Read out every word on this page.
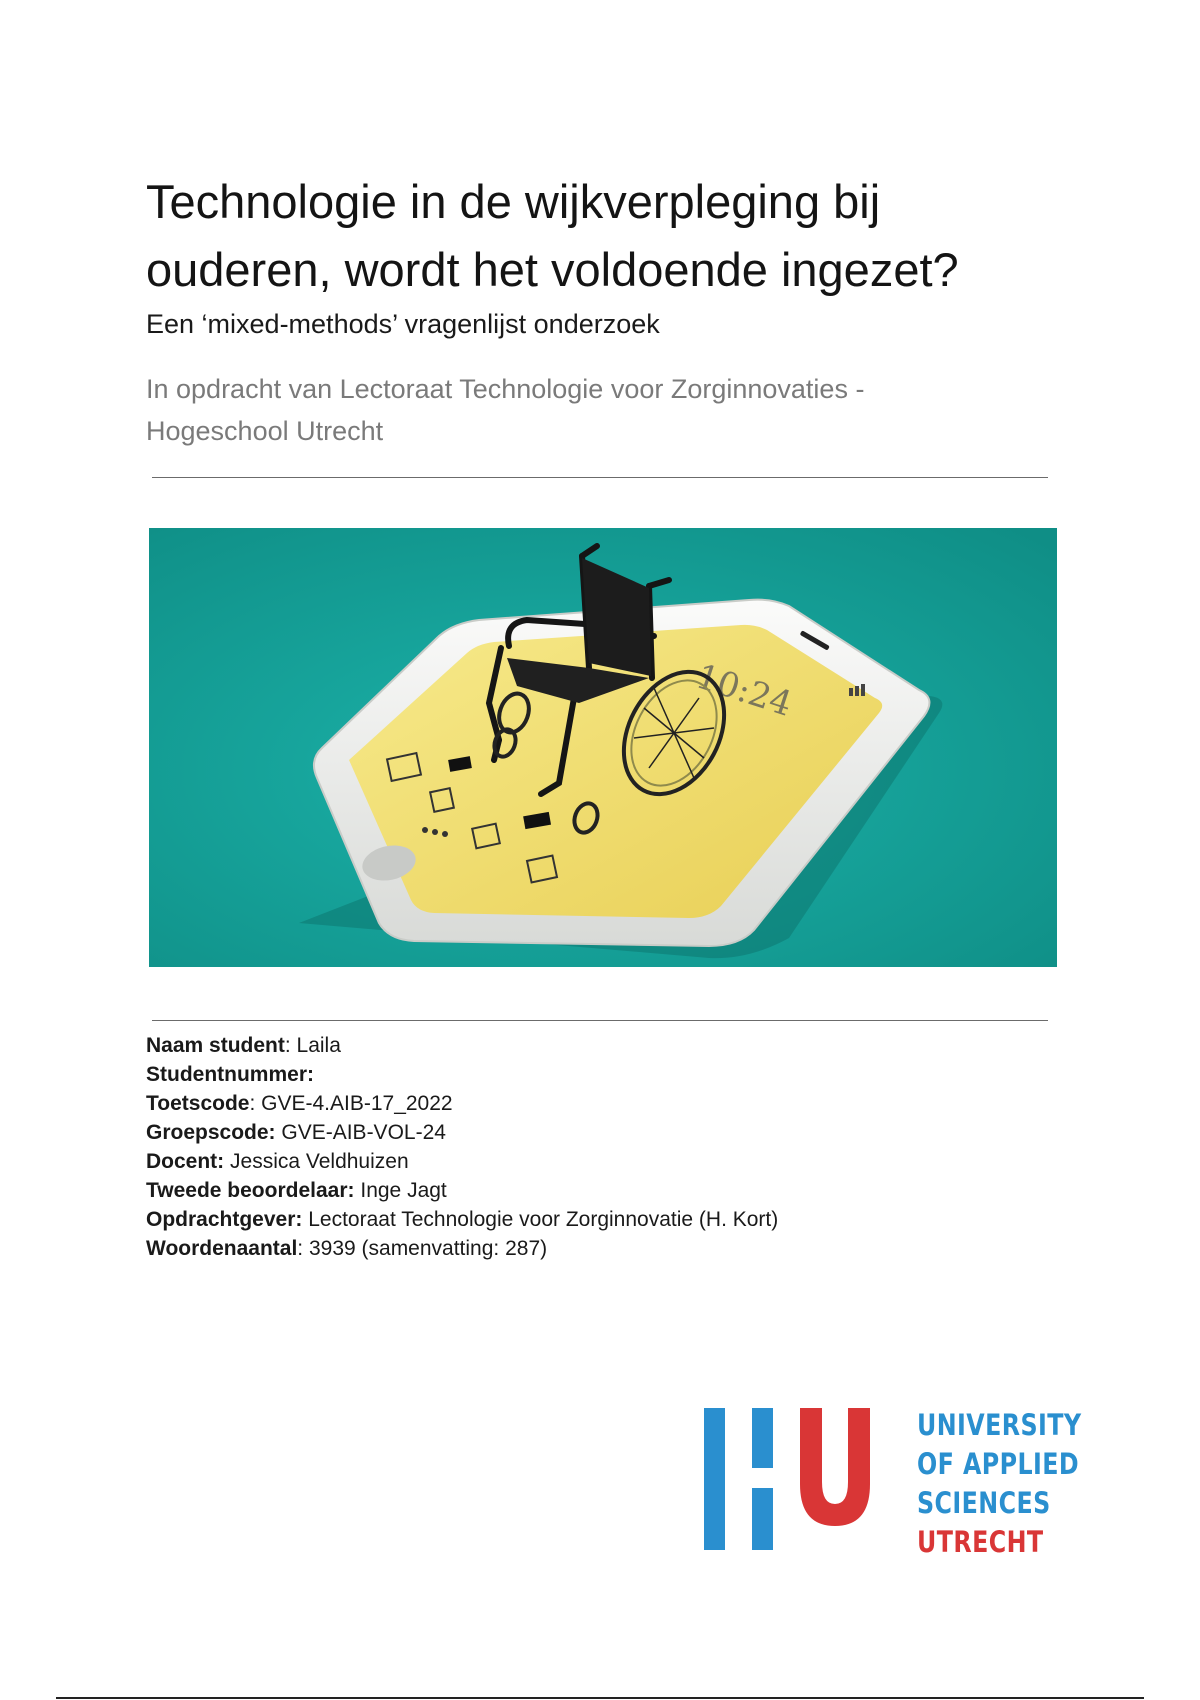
Technologie in de wijkverpleging bij
ouderen, wordt het voldoende ingezet?

Een ‘mixed-methods’ vragenlijst onderzoek

In opdracht van Lectoraat Technologie voor Zorginnovaties -
Hogeschool Utrecht

10:24
Naam student: Laila
Studentnummer:
Toetscode: GVE-4.AIB-17_2022
Groepscode: GVE-AIB-VOL-24
Docent: Jessica Veldhuizen
Tweede beoordelaar: Inge Jagt
Opdrachtgever: Lectoraat Technologie voor Zorginnovatie (H. Kort)
Woordenaantal: 3939 (samenvatting: 287)
UNIVERSITY
OF APPLIED
SCIENCES
UTRECHT
